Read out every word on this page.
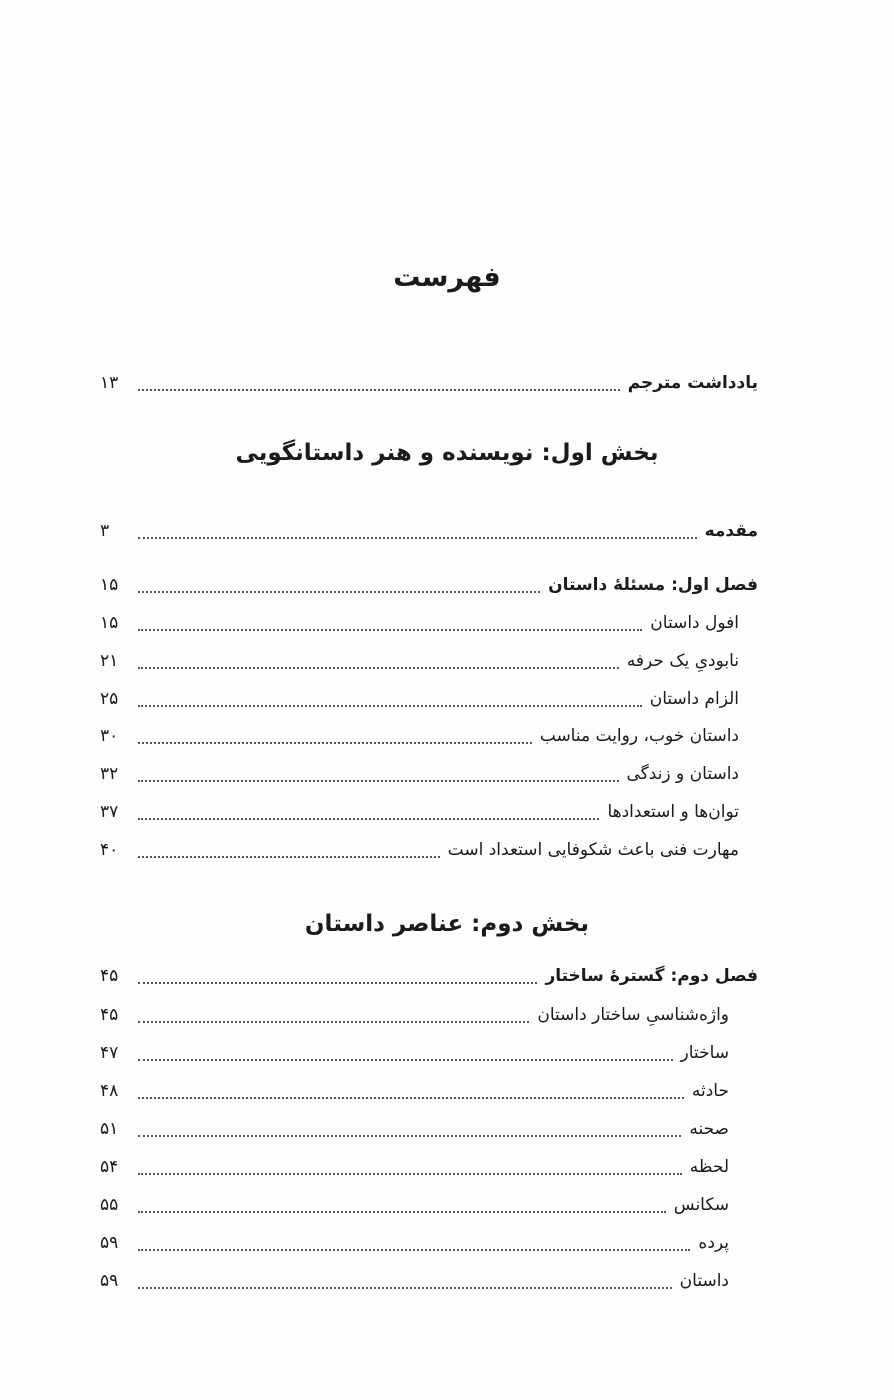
فهرست
یادداشت مترجم
۱۳
بخش اول: نویسنده و هنر داستانگویی
مقدمه
۳
فصل اول: مسئلهٔ داستان
۱۵
افول داستان
۱۵
نابودیِ یک حرفه
۲۱
الزام داستان
۲۵
داستان خوب، روایت مناسب
۳۰
داستان و زندگی
۳۲
توان‌ها و استعدادها
۳۷
مهارت فنی باعث شکوفایی استعداد است
۴۰
بخش دوم: عناصر داستان
فصل دوم: گسترهٔ ساختار
۴۵
واژه‌شناسیِ ساختار داستان
۴۵
ساختار
۴۷
حادثه
۴۸
صحنه
۵۱
لحظه
۵۴
سکانس
۵۵
پرده
۵۹
داستان
۵۹
